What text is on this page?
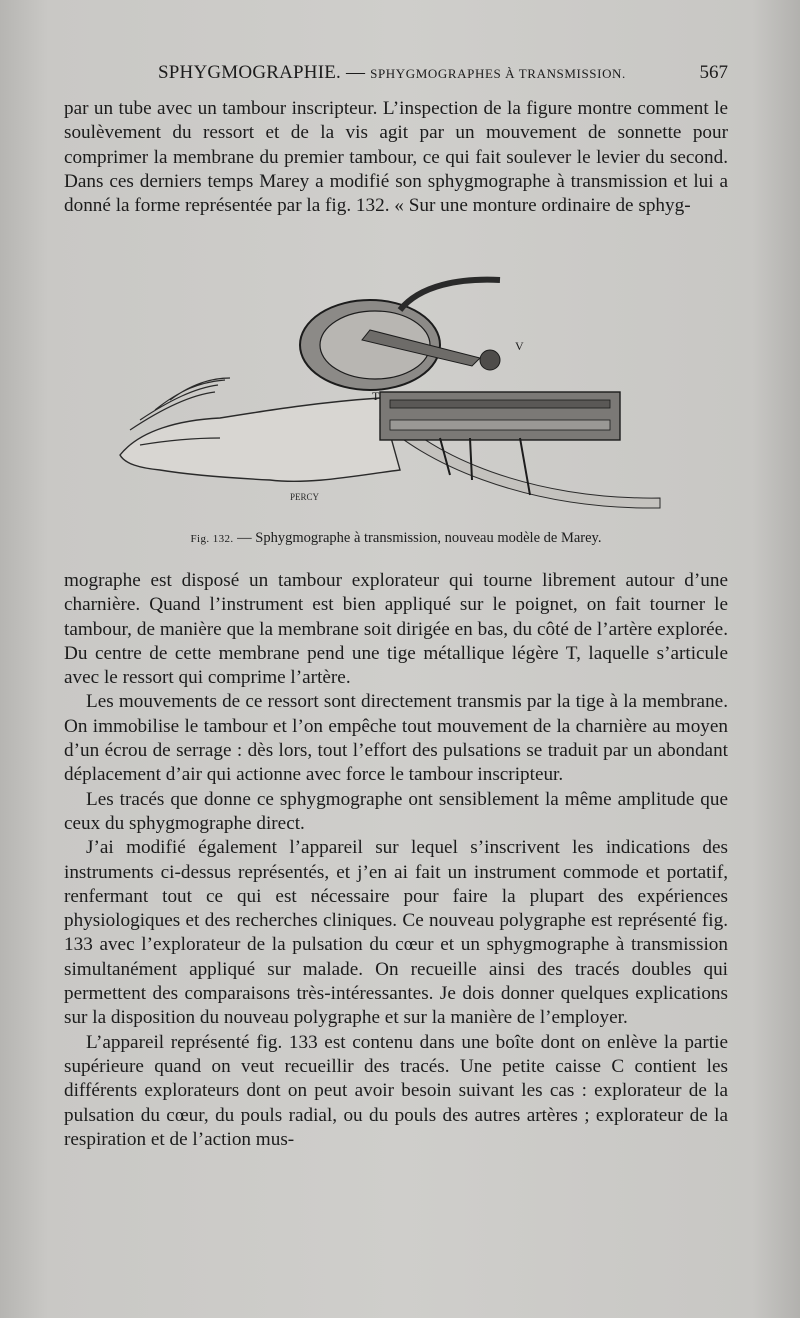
SPHYGMOGRAPHIE. — SPHYGMOGRAPHES À TRANSMISSION.	567

par un tube avec un tambour inscripteur. L’inspection de la figure montre comment le soulèvement du ressort et de la vis agit par un mouvement de sonnette pour comprimer la membrane du premier tambour, ce qui fait soulever le levier du second. Dans ces derniers temps Marey a modifié son sphygmographe à transmission et lui a donné la forme représentée par la fig. 132. « Sur une monture ordinaire de sphyg-

T
V
PERCY
Fig. 132. — Sphygmographe à transmission, nouveau modèle de Marey.

mographe est disposé un tambour explorateur qui tourne librement autour d’une charnière. Quand l’instrument est bien appliqué sur le poignet, on fait tourner le tambour, de manière que la membrane soit dirigée en bas, du côté de l’artère explorée. Du centre de cette membrane pend une tige métallique légère T, laquelle s’articule avec le ressort qui comprime l’artère.

Les mouvements de ce ressort sont directement transmis par la tige à la membrane. On immobilise le tambour et l’on empêche tout mouvement de la charnière au moyen d’un écrou de serrage : dès lors, tout l’effort des pulsations se traduit par un abondant déplacement d’air qui actionne avec force le tambour inscripteur.

Les tracés que donne ce sphygmographe ont sensiblement la même amplitude que ceux du sphygmographe direct.

J’ai modifié également l’appareil sur lequel s’inscrivent les indications des instruments ci-dessus représentés, et j’en ai fait un instrument commode et portatif, renfermant tout ce qui est nécessaire pour faire la plupart des expériences physiologiques et des recherches cliniques. Ce nouveau polygraphe est représenté fig. 133 avec l’explorateur de la pulsation du cœur et un sphygmographe à transmission simultanément appliqué sur malade. On recueille ainsi des tracés doubles qui permettent des comparaisons très-intéressantes. Je dois donner quelques explications sur la disposition du nouveau polygraphe et sur la manière de l’employer.

L’appareil représenté fig. 133 est contenu dans une boîte dont on enlève la partie supérieure quand on veut recueillir des tracés. Une petite caisse C contient les différents explorateurs dont on peut avoir besoin suivant les cas : explorateur de la pulsation du cœur, du pouls radial, ou du pouls des autres artères ; explorateur de la respiration et de l’action mus-
